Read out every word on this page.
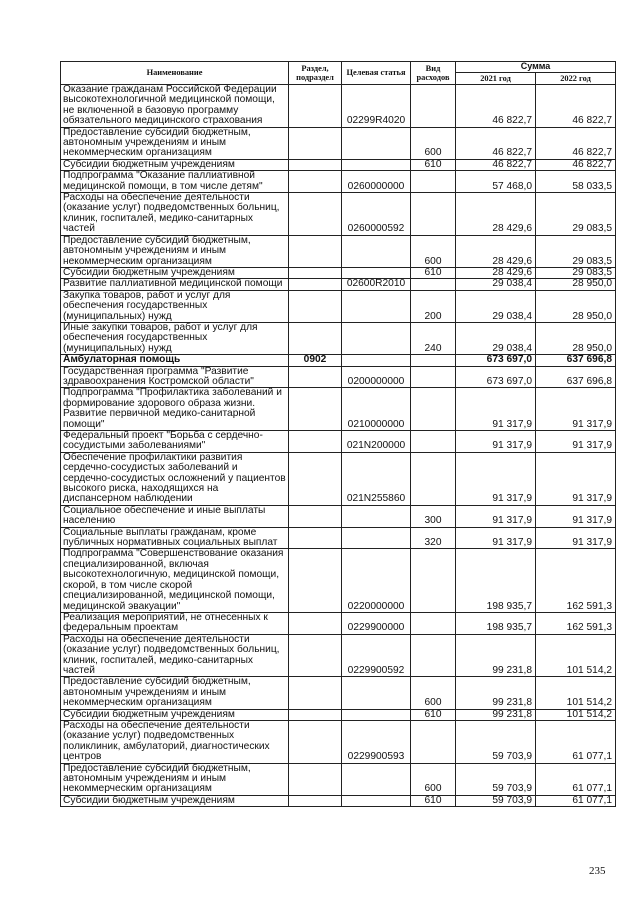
Наименование	Раздел, подраздел	Целевая статья	Вид расходов	Сумма	
				2021 год	2022 год
Оказание гражданам Российской Федерации высокотехнологичной медицинской помощи, не включенной в базовую программу обязательного медицинского страхования		02299R4020		46 822,7	46 822,7
Предоставление субсидий бюджетным, автономным учреждениям и иным некоммерческим организациям			600	46 822,7	46 822,7
Субсидии бюджетным учреждениям			610	46 822,7	46 822,7
Подпрограмма "Оказание паллиативной медицинской помощи, в том числе детям"		0260000000		57 468,0	58 033,5
Расходы на обеспечение деятельности (оказание услуг) подведомственных больниц, клиник, госпиталей, медико-санитарных частей		0260000592		28 429,6	29 083,5
Предоставление субсидий бюджетным, автономным учреждениям и иным некоммерческим организациям			600	28 429,6	29 083,5
Субсидии бюджетным учреждениям			610	28 429,6	29 083,5
Развитие паллиативной медицинской помощи		02600R2010		29 038,4	28 950,0
Закупка товаров, работ и услуг для обеспечения государственных (муниципальных) нужд			200	29 038,4	28 950,0
Иные закупки товаров, работ и услуг для обеспечения государственных (муниципальных) нужд			240	29 038,4	28 950,0
Амбулаторная помощь	0902			673 697,0	637 696,8
Государственная программа "Развитие здравоохранения Костромской области"		0200000000		673 697,0	637 696,8
Подпрограмма "Профилактика заболеваний и формирование здорового образа жизни. Развитие первичной медико-санитарной помощи"		0210000000		91 317,9	91 317,9
Федеральный проект "Борьба с сердечно-сосудистыми заболеваниями"		021N200000		91 317,9	91 317,9
Обеспечение профилактики развития сердечно-сосудистых заболеваний и сердечно-сосудистых осложнений у пациентов высокого риска, находящихся на диспансерном наблюдении		021N255860		91 317,9	91 317,9
Социальное обеспечение и иные выплаты населению			300	91 317,9	91 317,9
Социальные выплаты гражданам, кроме публичных нормативных социальных выплат			320	91 317,9	91 317,9
Подпрограмма "Совершенствование оказания специализированной, включая высокотехнологичную, медицинской помощи, скорой, в том числе скорой специализированной, медицинской помощи, медицинской эвакуации"		0220000000		198 935,7	162 591,3
Реализация мероприятий, не отнесенных к федеральным проектам		0229900000		198 935,7	162 591,3
Расходы на обеспечение деятельности (оказание услуг) подведомственных больниц, клиник, госпиталей, медико-санитарных частей		0229900592		99 231,8	101 514,2
Предоставление субсидий бюджетным, автономным учреждениям и иным некоммерческим организациям			600	99 231,8	101 514,2
Субсидии бюджетным учреждениям			610	99 231,8	101 514,2
Расходы на обеспечение деятельности (оказание услуг) подведомственных поликлиник, амбулаторий, диагностических центров		0229900593		59 703,9	61 077,1
Предоставление субсидий бюджетным, автономным учреждениям и иным некоммерческим организациям			600	59 703,9	61 077,1
Субсидии бюджетным учреждениям			610	59 703,9	61 077,1
235
